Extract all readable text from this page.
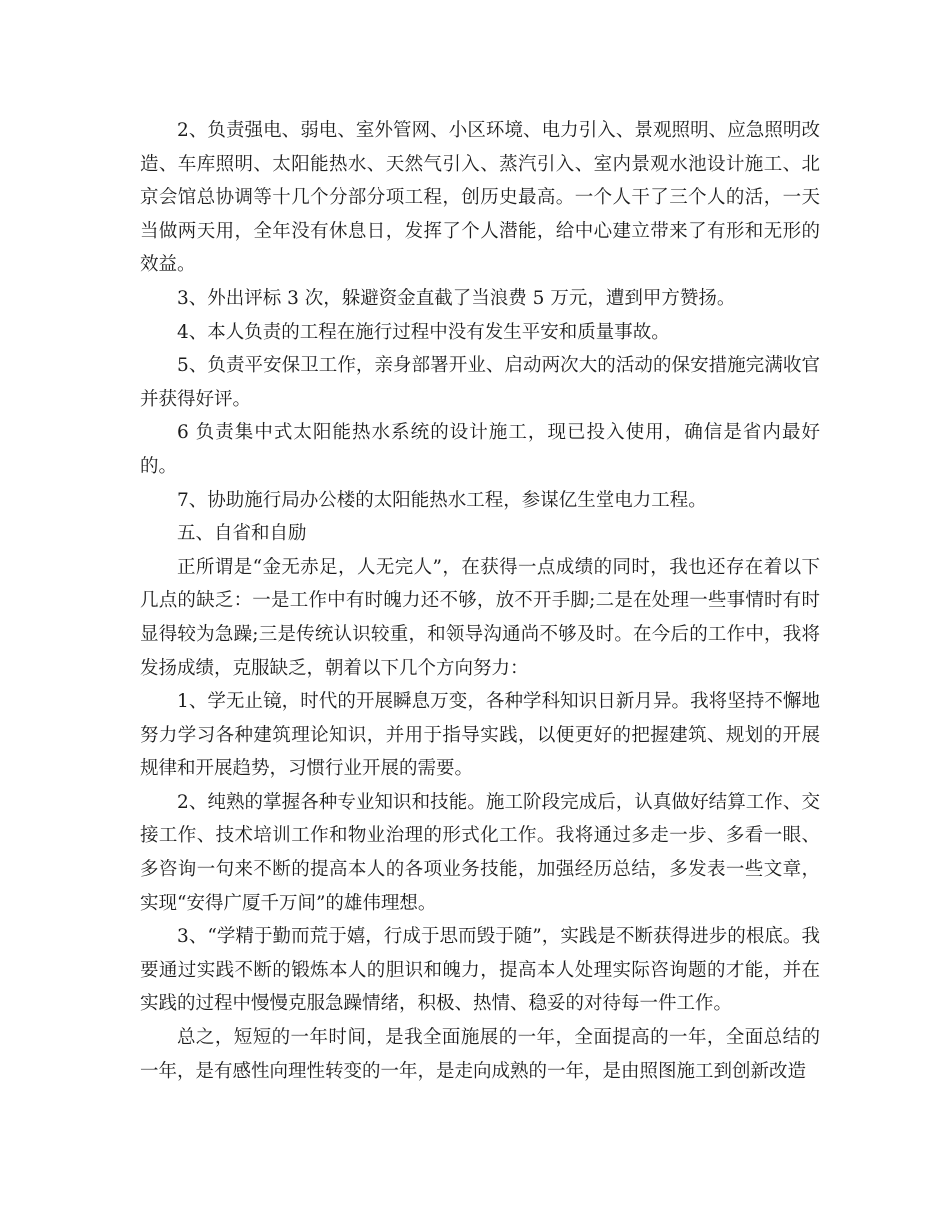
2、负责强电、弱电、室外管网、小区环境、电力引入、景观照明、应急照明改造、车库照明、太阳能热水、天然气引入、蒸汽引入、室内景观水池设计施工、北京会馆总协调等十几个分部分项工程，创历史最高。一个人干了三个人的活，一天当做两天用，全年没有休息日，发挥了个人潜能，给中心建立带来了有形和无形的效益。

3、外出评标 3 次，躲避资金直截了当浪费 5 万元，遭到甲方赞扬。

4、本人负责的工程在施行过程中没有发生平安和质量事故。

5、负责平安保卫工作，亲身部署开业、启动两次大的活动的保安措施完满收官并获得好评。

6 负责集中式太阳能热水系统的设计施工，现已投入使用，确信是省内最好的。

7、协助施行局办公楼的太阳能热水工程，参谋亿生堂电力工程。

五、自省和自励

正所谓是“金无赤足，人无完人”，在获得一点成绩的同时，我也还存在着以下几点的缺乏：一是工作中有时魄力还不够，放不开手脚;二是在处理一些事情时有时显得较为急躁;三是传统认识较重，和领导沟通尚不够及时。在今后的工作中，我将发扬成绩，克服缺乏，朝着以下几个方向努力：

1、学无止镜，时代的开展瞬息万变，各种学科知识日新月异。我将坚持不懈地努力学习各种建筑理论知识，并用于指导实践，以便更好的把握建筑、规划的开展规律和开展趋势，习惯行业开展的需要。

2、纯熟的掌握各种专业知识和技能。施工阶段完成后，认真做好结算工作、交接工作、技术培训工作和物业治理的形式化工作。我将通过多走一步、多看一眼、多咨询一句来不断的提高本人的各项业务技能，加强经历总结，多发表一些文章，实现“安得广厦千万间”的雄伟理想。

3、“学精于勤而荒于嬉，行成于思而毁于随”，实践是不断获得进步的根底。我要通过实践不断的锻炼本人的胆识和魄力，提高本人处理实际咨询题的才能，并在实践的过程中慢慢克服急躁情绪，积极、热情、稳妥的对待每一件工作。

总之，短短的一年时间，是我全面施展的一年，全面提高的一年，全面总结的一年，是有感性向理性转变的一年，是走向成熟的一年，是由照图施工到创新改造
